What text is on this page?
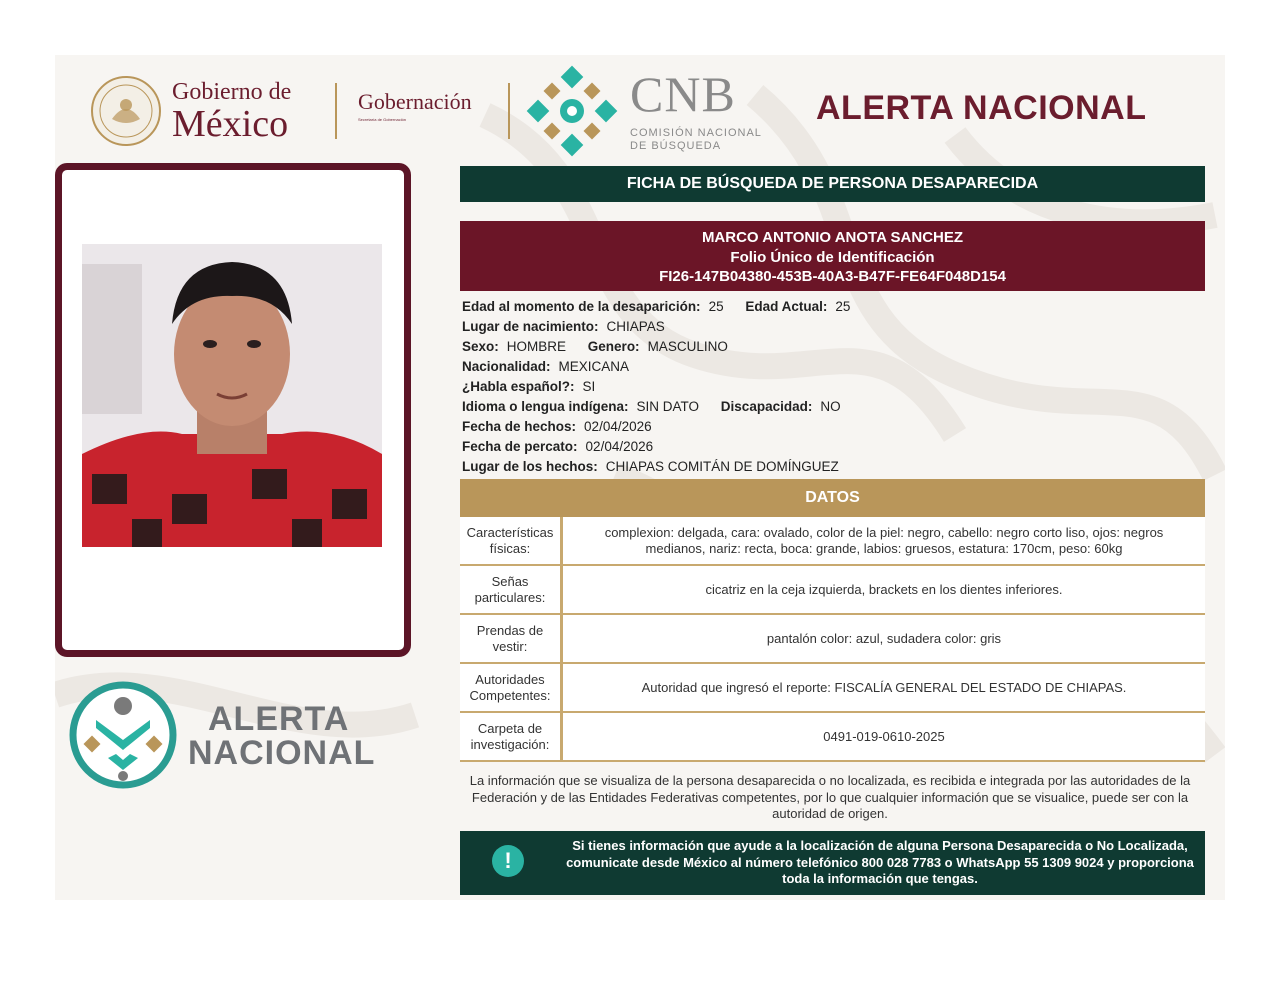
Gobierno de
México
Gobernación
Secretaría de Gobernación	CNB
COMISIÓN NACIONAL
DE BÚSQUEDA
ALERTA NACIONAL
ALERTA
NACIONAL
FICHA DE BÚSQUEDA DE PERSONA DESAPARECIDA
MARCO ANTONIO ANOTA SANCHEZ
Folio Único de Identificación
FI26-147B04380-453B-40A3-B47F-FE64F048D154
Edad al momento de la desaparición: 25 Edad Actual: 25
Lugar de nacimiento: CHIAPAS
Sexo: HOMBRE Genero: MASCULINO
Nacionalidad: MEXICANA
¿Habla español?: SI
Idioma o lengua indígena: SIN DATO Discapacidad: NO
Fecha de hechos: 02/04/2026
Fecha de percato: 02/04/2026
Lugar de los hechos: CHIAPAS COMITÁN DE DOMÍNGUEZ
DATOS
Características físicas:
complexion: delgada, cara: ovalado, color de la piel: negro, cabello: negro corto liso, ojos: negros medianos, nariz: recta, boca: grande, labios: gruesos, estatura: 170cm, peso: 60kg
Señas particulares:
cicatriz en la ceja izquierda, brackets en los dientes inferiores.
Prendas de vestir:
pantalón color: azul, sudadera color: gris
Autoridades Competentes:
Autoridad que ingresó el reporte: FISCALÍA GENERAL DEL ESTADO DE CHIAPAS.
Carpeta de investigación:
0491-019-0610-2025
La información que se visualiza de la persona desaparecida o no localizada, es recibida e integrada por las autoridades de la Federación y de las Entidades Federativas competentes, por lo que cualquier información que se visualice, puede ser con la autoridad de origen.
!
Si tienes información que ayude a la localización de alguna Persona Desaparecida o No Localizada, comunicate desde México al número telefónico 800 028 7783 o WhatsApp 55 1309 9024 y proporciona toda la información que tengas.
